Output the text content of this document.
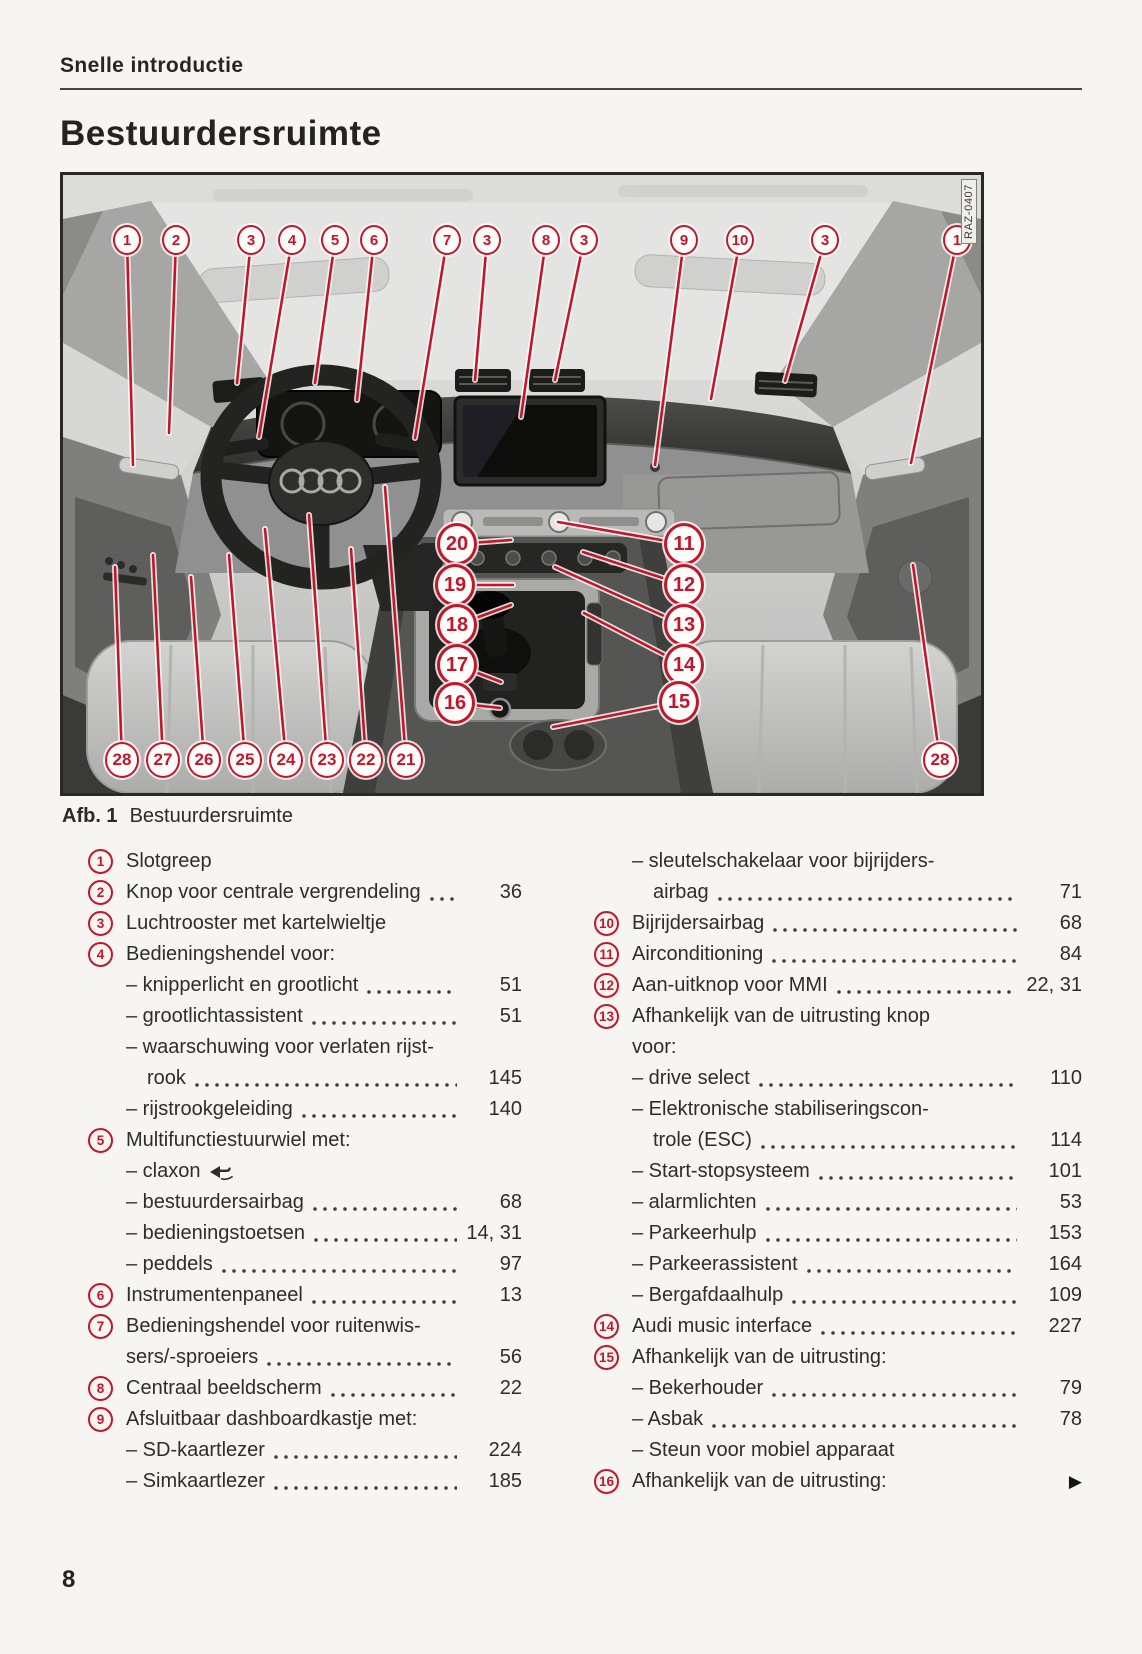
Snelle introductie
Bestuurdersruimte
1	2	3	4	5	6	7	3	8	3	9	10	3	1
11
12
13
14
15
20
19
18
17
16
28	27	26	25	24	23	22	21	28
RAZ-0407
Afb. 1 Bestuurdersruimte
1	Slotgreep
2	Knop voor centrale vergrendeling	36
3	Luchtrooster met kartelwieltje
4	Bedieningshendel voor:
– knipperlicht en grootlicht	51
– grootlichtassistent	51
– waarschuwing voor verlaten rijst-
rook	145
– rijstrookgeleiding	140
5	Multifunctiestuurwiel met:
– claxon
– bestuurdersairbag	68
– bedieningstoetsen	14, 31
– peddels	97
6	Instrumentenpaneel	13
7	Bedieningshendel voor ruitenwis-
sers/-sproeiers	56
8	Centraal beeldscherm	22
9	Afsluitbaar dashboardkastje met:
– SD-kaartlezer	224
– Simkaartlezer	185
– sleutelschakelaar voor bijrijders-
airbag	71
10 Bijrijdersairbag	68
11 Airconditioning	84
12 Aan-uitknop voor MMI	22, 31
13 Afhankelijk van de uitrusting knop
voor:
– drive select	110
– Elektronische stabiliseringscon-
trole (ESC)	114
– Start-stopsysteem	101
– alarmlichten	53
– Parkeerhulp	153
– Parkeerassistent	164
– Bergafdaalhulp	109
14 Audi music interface	227
15 Afhankelijk van de uitrusting:
– Bekerhouder	79
– Asbak	78
– Steun voor mobiel apparaat
16 Afhankelijk van de uitrusting:	▶
8
